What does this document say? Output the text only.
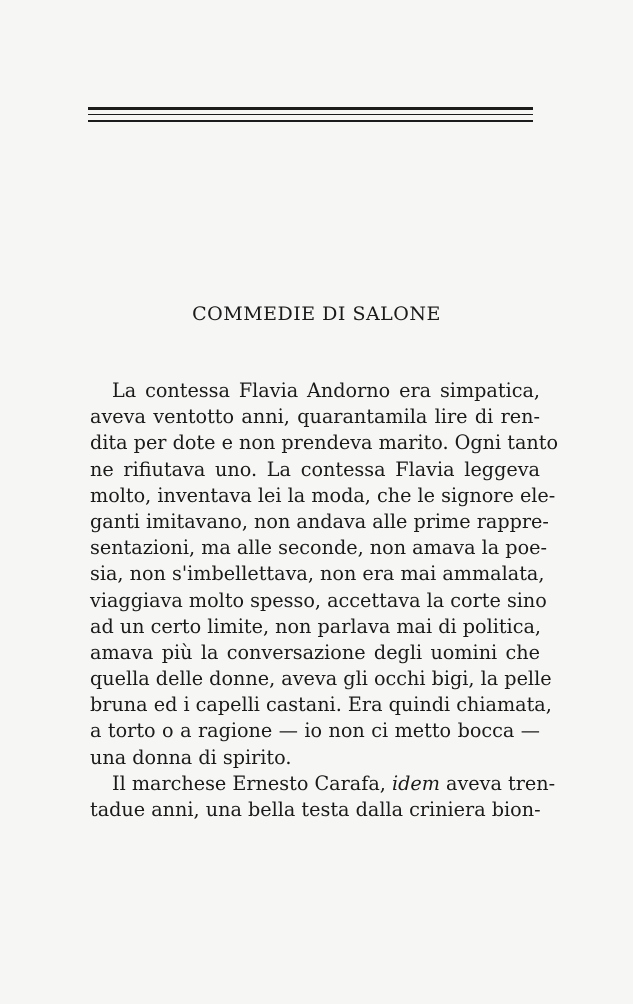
COMMEDIE DI SALONE
La contessa Flavia Andorno era simpatica,
aveva ventotto anni, quarantamila lire di ren-
dita per dote e non prendeva marito. Ogni tanto
ne rifiutava uno. La contessa Flavia leggeva
molto, inventava lei la moda, che le signore ele-
ganti imitavano, non andava alle prime rappre-
sentazioni, ma alle seconde, non amava la poe-
sia, non s'imbellettava, non era mai ammalata,
viaggiava molto spesso, accettava la corte sino
ad un certo limite, non parlava mai di politica,
amava più la conversazione degli uomini che
quella delle donne, aveva gli occhi bigi, la pelle
bruna ed i capelli castani. Era quindi chiamata,
a torto o a ragione — io non ci metto bocca —
una donna di spirito.
Il marchese Ernesto Carafa, idem aveva tren-
tadue anni, una bella testa dalla criniera bion-
